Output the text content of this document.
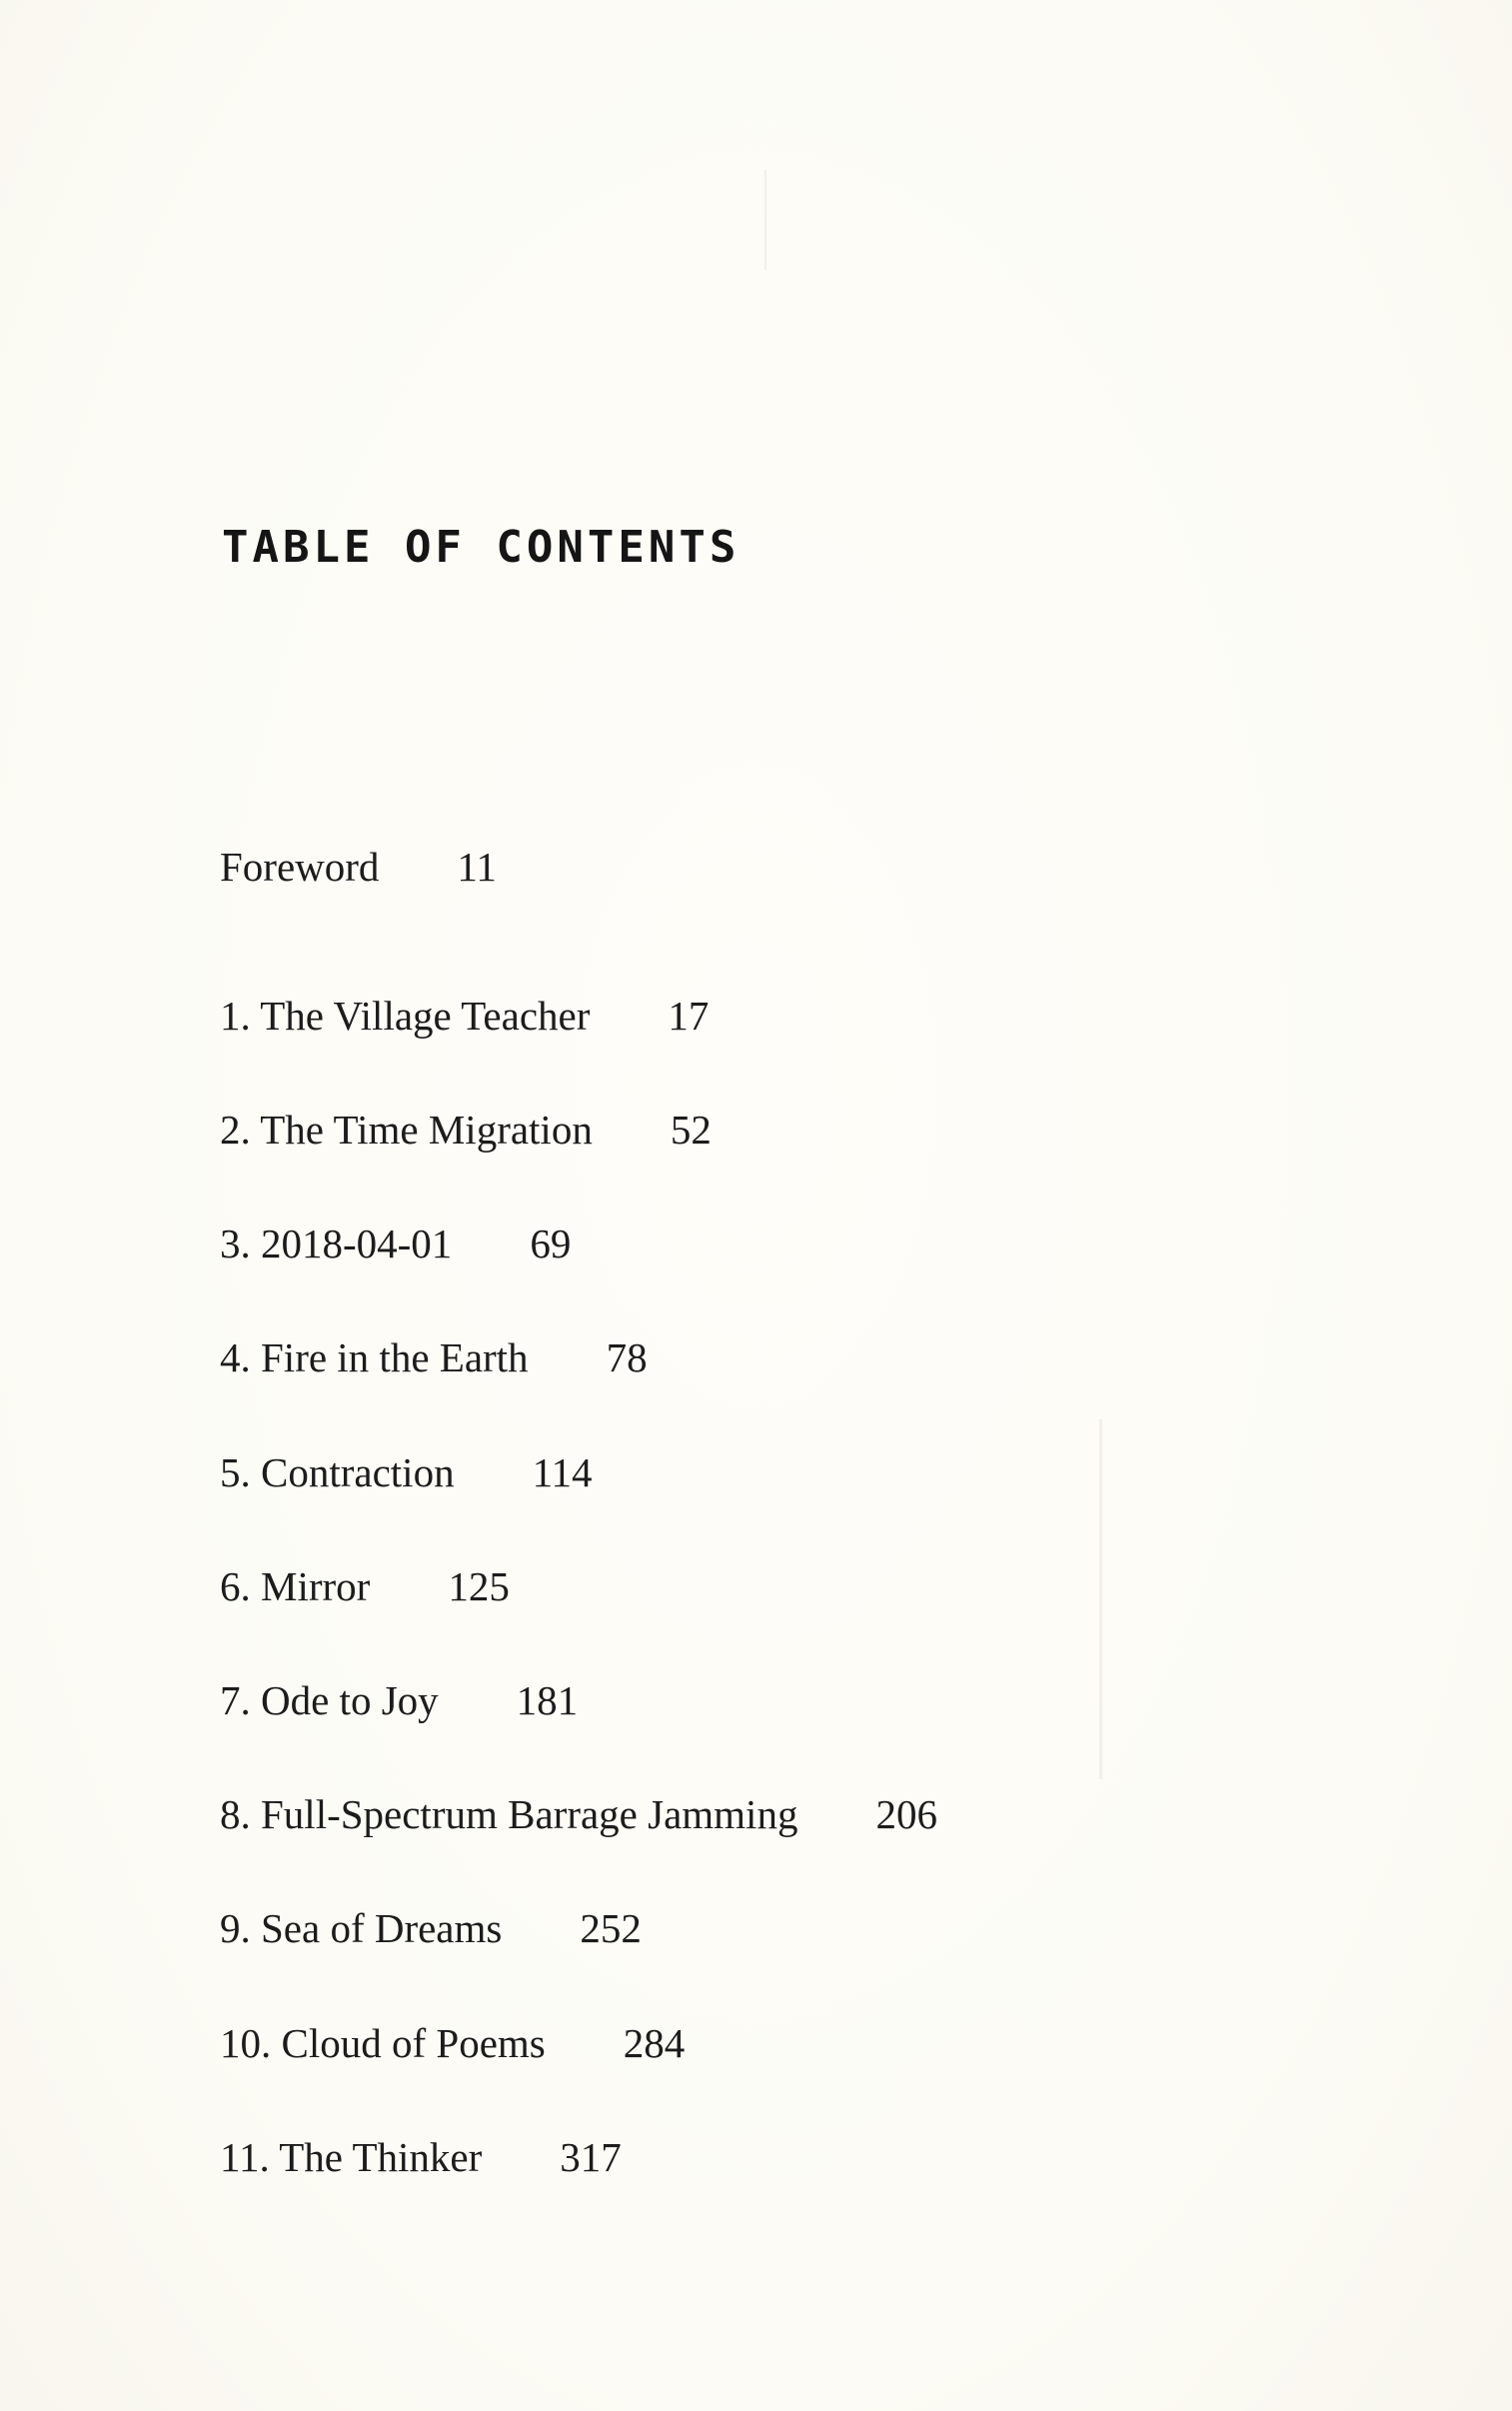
TABLE OF CONTENTS
Foreword 11
1. The Village Teacher 17
2. The Time Migration 52
3. 2018-04-01 69
4. Fire in the Earth 78
5. Contraction 114
6. Mirror 125
7. Ode to Joy 181
8. Full-Spectrum Barrage Jamming 206
9. Sea of Dreams 252
10. Cloud of Poems 284
11. The Thinker 317
